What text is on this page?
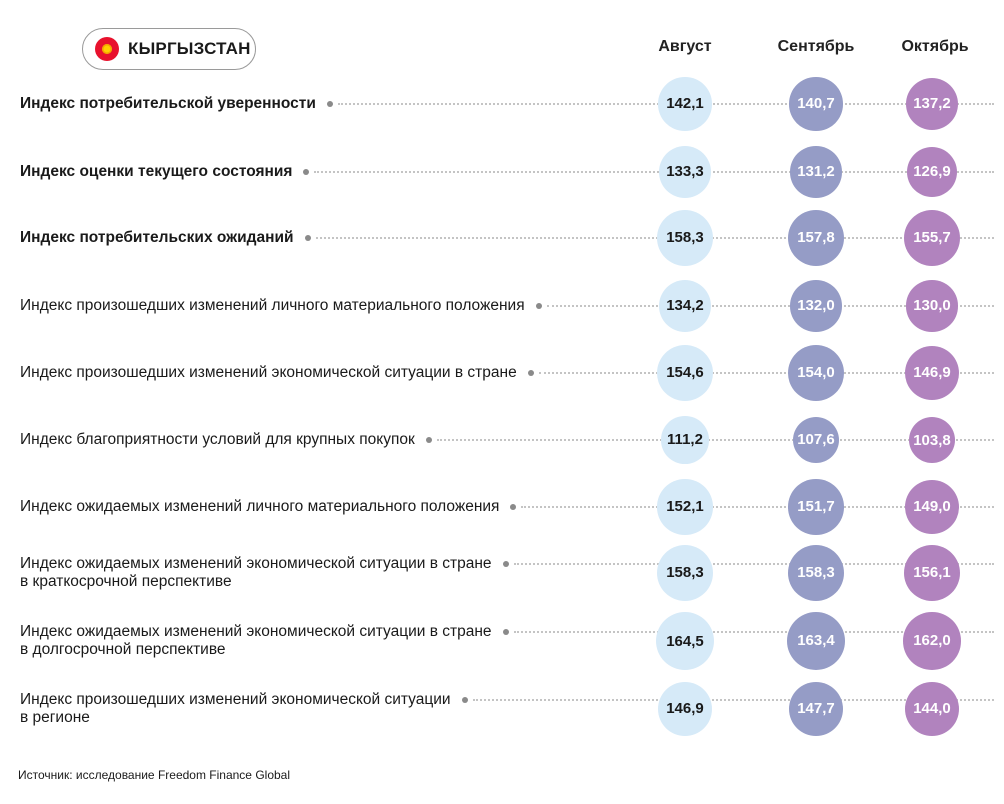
КЫРГЫЗСТАН	Август	Сентябрь	Октябрь
Индекс потребительской уверенности	142,1	140,7	137,2
Индекс оценки текущего состояния	133,3	131,2	126,9
Индекс потребительских ожиданий	158,3	157,8	155,7
Индекс произошедших изменений личного материального положения	134,2	132,0	130,0
Индекс произошедших изменений экономической ситуации в стране	154,6	154,0	146,9
Индекс благоприятности условий для крупных покупок	111,2	107,6	103,8
Индекс ожидаемых изменений личного материального положения	152,1	151,7	149,0
Индекс ожидаемых изменений экономической ситуации в стране
в краткосрочной перспективе
158,3	158,3	156,1
Индекс ожидаемых изменений экономической ситуации в стране
в долгосрочной перспективе	164,5	163,4	162,0
Индекс произошедших изменений экономической ситуации
в регионе
146,9	147,7	144,0
Источник: исследование Freedom Finance Global
